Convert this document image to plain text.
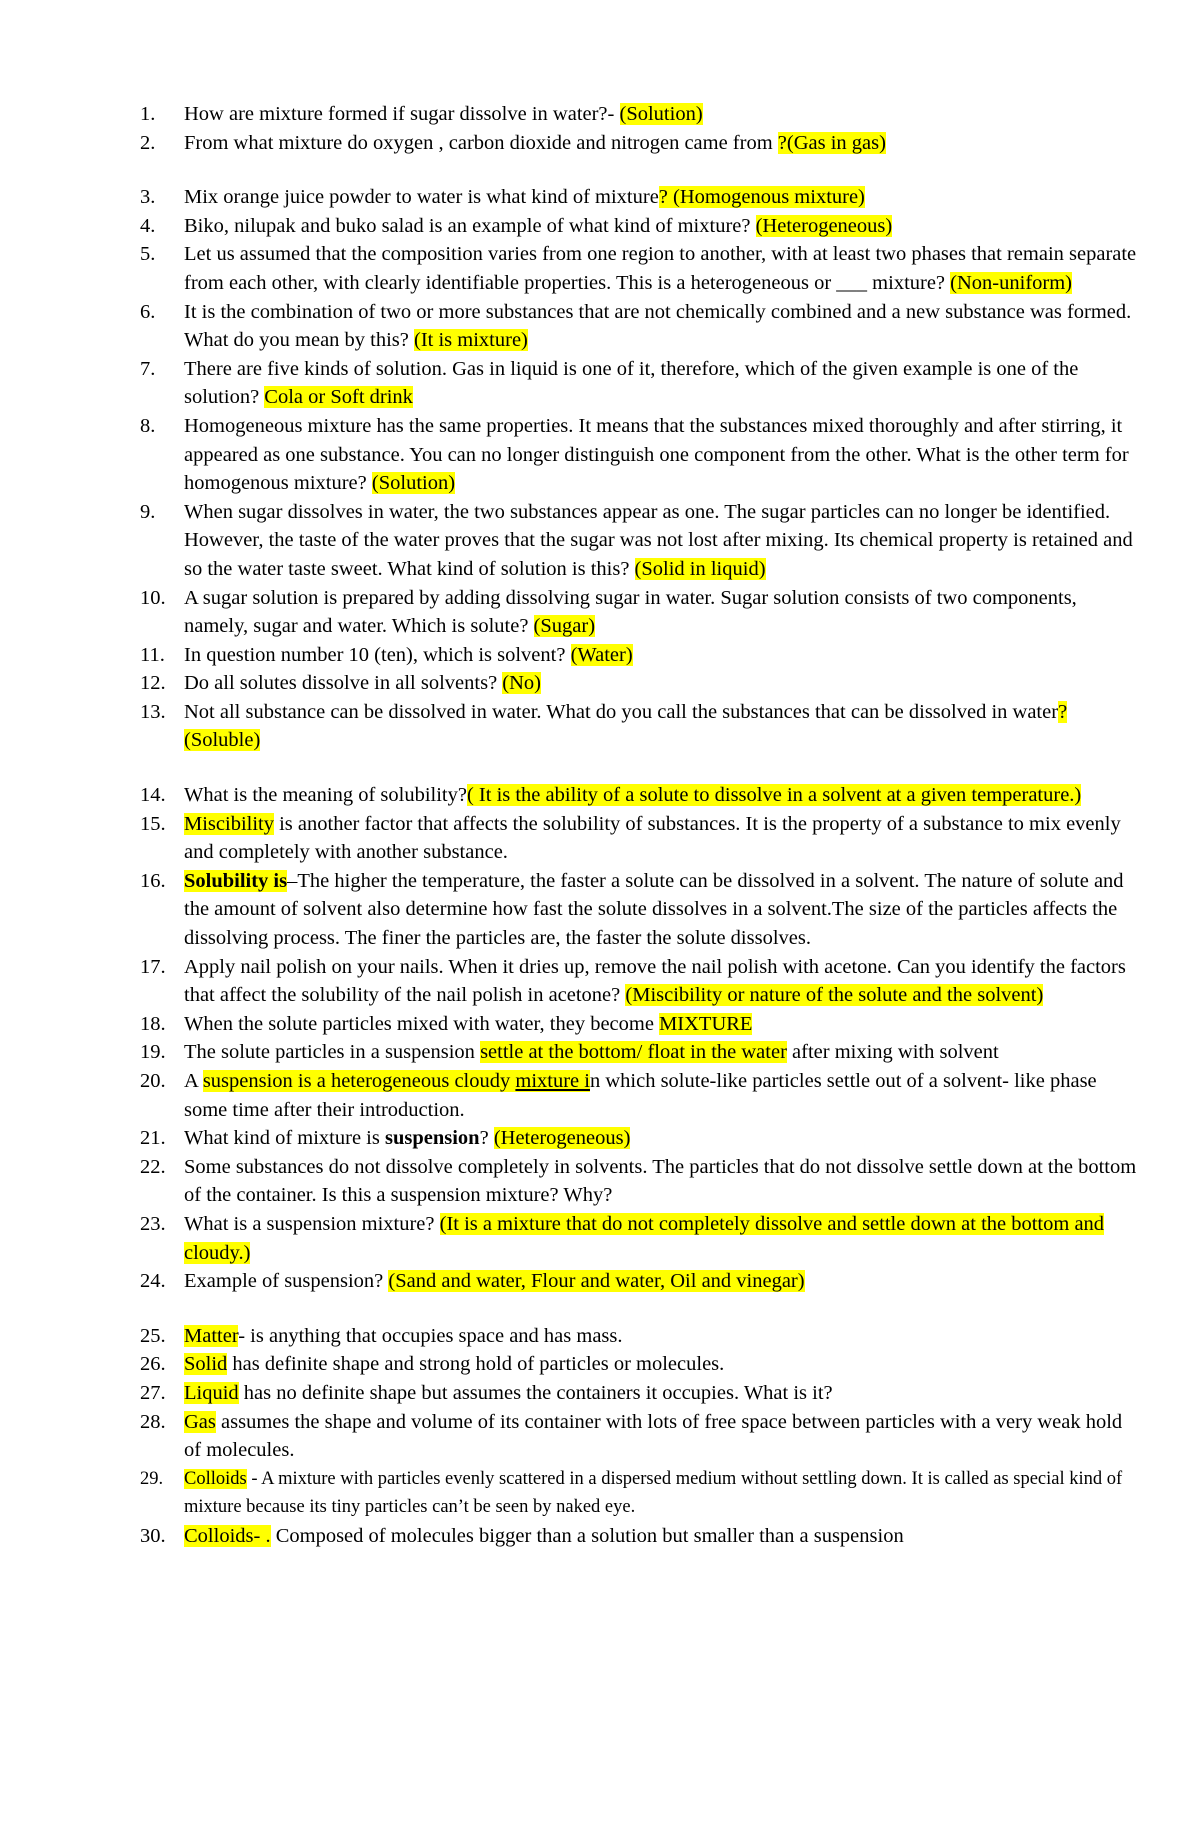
1.	How are mixture formed if sugar dissolve in water?- (Solution)
2.	From what mixture do oxygen , carbon dioxide and nitrogen came from ?(Gas in gas)
3.	Mix orange juice powder to water is what kind of mixture? (Homogenous mixture)
4.	Biko, nilupak and buko salad is an example of what kind of mixture? (Heterogeneous)
5.	Let us assumed that the composition varies from one region to another, with at least two phases that remain separate from each other, with clearly identifiable properties. This is a heterogeneous or ___ mixture? (Non-uniform)
6.	It is the combination of two or more substances that are not chemically combined and a new substance was formed. What do you mean by this? (It is mixture)
7.	There are five kinds of solution. Gas in liquid is one of it, therefore, which of the given example is one of the solution? Cola or Soft drink
8.	Homogeneous mixture has the same properties. It means that the substances mixed thoroughly and after stirring, it appeared as one substance. You can no longer distinguish one component from the other. What is the other term for homogenous mixture? (Solution)
9.	When sugar dissolves in water, the two substances appear as one. The sugar particles can no longer be identified. However, the taste of the water proves that the sugar was not lost after mixing. Its chemical property is retained and so the water taste sweet. What kind of solution is this? (Solid in liquid)
10. A sugar solution is prepared by adding dissolving sugar in water. Sugar solution consists of two components, namely, sugar and water. Which is solute? (Sugar)
11. In question number 10 (ten), which is solvent? (Water)
12. Do all solutes dissolve in all solvents? (No)
13. Not all substance can be dissolved in water. What do you call the substances that can be dissolved in water? (Soluble)
14. What is the meaning of solubility?( It is the ability of a solute to dissolve in a solvent at a given temperature.)
15. Miscibility is another factor that affects the solubility of substances. It is the property of a substance to mix evenly and completely with another substance.
16. Solubility is–The higher the temperature, the faster a solute can be dissolved in a solvent. The nature of solute and the amount of solvent also determine how fast the solute dissolves in a solvent.The size of the particles affects the dissolving process. The finer the particles are, the faster the solute dissolves.
17. Apply nail polish on your nails. When it dries up, remove the nail polish with acetone. Can you identify the factors that affect the solubility of the nail polish in acetone? (Miscibility or nature of the solute and the solvent)
18. When the solute particles mixed with water, they become MIXTURE
19. The solute particles in a suspension settle at the bottom/ float in the water after mixing with solvent
20. A suspension is a heterogeneous cloudy mixture in which solute-like particles settle out of a solvent- like phase some time after their introduction.
21. What kind of mixture is suspension? (Heterogeneous)
22. Some substances do not dissolve completely in solvents. The particles that do not dissolve settle down at the bottom of the container. Is this a suspension mixture? Why?
23. What is a suspension mixture? (It is a mixture that do not completely dissolve and settle down at the bottom and cloudy.)
24. Example of suspension? (Sand and water, Flour and water, Oil and vinegar)
25. Matter- is anything that occupies space and has mass.
26. Solid has definite shape and strong hold of particles or molecules.
27. Liquid has no definite shape but assumes the containers it occupies. What is it?
28. Gas assumes the shape and volume of its container with lots of free space between particles with a very weak hold of molecules.
29.	Colloids - A mixture with particles evenly scattered in a dispersed medium without settling down. It is called as special kind of mixture because its tiny particles can’t be seen by naked eye.
30. Colloids- . Composed of molecules bigger than a solution but smaller than a suspension
